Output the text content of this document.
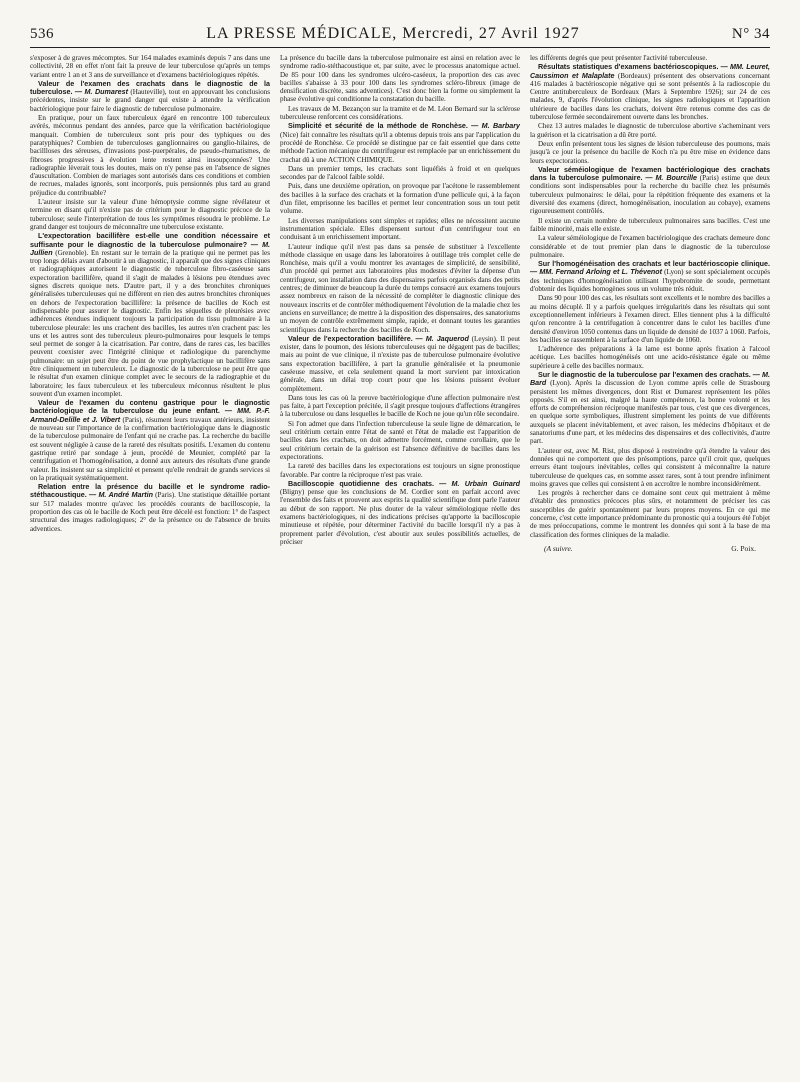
536	LA PRESSE MÉDICALE, Mercredi, 27 Avril 1927	N° 34

s'exposer à de graves mécomptes. Sur 164 malades examinés depuis 7 ans dans une collectivité, 28 en effet n'ont fait la preuve de leur tuberculose qu'après un temps variant entre 1 an et 3 ans de surveillance et d'examens bactériologiques répétés.

Valeur de l'examen des crachats dans le diagnostic de la tuberculose. — M. Dumarest (Hauteville), tout en approuvant les conclusions précédentes, insiste sur le grand danger qui existe à attendre la vérification bactériologique pour faire le diagnostic de tuberculose pulmonaire.

En pratique, pour un faux tuberculeux égaré en rencontre 100 tuberculeux avérés, méconnus pendant des années, parce que la vérification bactériologique manquait. Combien de tuberculeux sont pris pour des typhiques ou des paratyphiques? Combien de tuberculoses ganglionnaires ou ganglio-hilaires, de bacillloses des séreuses, d'invasions post-puerpérales, de pseudo-rhumatismes, de fibroses progressives à évolution lente restent ainsi insoupçonnées? Une radiographie lèverait tous les doutes, mais on n'y pense pas en l'absence de signes d'auscultation. Combien de mariages sont autorisés dans ces conditions et combien de recrues, malades ignorés, sont incorporés, puis pensionnés plus tard au grand préjudice du contribuable?

L'auteur insiste sur la valeur d'une hémoptysie comme signe révélateur et termine en disant qu'il n'existe pas de critérium pour le diagnostic précoce de la tuberculose; seule l'interprétation de tous les symptômes résoudra le problème. Le grand danger est toujours de méconnaître une tuberculose existante.

L'expectoration bacillifère est-elle une condition nécessaire et suffisante pour le diagnostic de la tuberculose pulmonaire? — M. Jullien (Grenoble). En restant sur le terrain de la pratique qui ne permet pas les trop longs délais avant d'aboutir à un diagnostic, il apparaît que des signes cliniques et radiographiques autorisent le diagnostic de tuberculose fibro-caséeuse sans expectoration bacillifère, quand il s'agit de malades à lésions peu étendues avec signes discrets quoique nets. D'autre part, il y a des bronchites chroniques généralisées tuberculeuses qui ne diffèrent en rien des autres bronchites chroniques en dehors de l'expectoration bacillifère: la présence de bacilles de Koch est indispensable pour assurer le diagnostic. Enfin les séquelles de pleurésies avec adhérences étendues indiquent toujours la participation du tissu pulmonaire à la tuberculose pleurale: les uns crachent des bacilles, les autres n'en crachent pas: les uns et les autres sont des tuberculeux pleuro-pulmonaires pour lesquels le temps seul permet de songer à la cicatrisation. Par contre, dans de rares cas, les bacilles peuvent coexister avec l'intégrité clinique et radiologique du parenchyme pulmonaire: un sujet peut être du point de vue prophylactique un bacillifère sans être cliniquement un tuberculeux. Le diagnostic de la tuberculose ne peut être que le résultat d'un examen clinique complet avec le secours de la radiographie et du laboratoire; les faux tuberculeux et les tuberculeux méconnus résultent le plus souvent d'un examen incomplet.

Valeur de l'examen du contenu gastrique pour le diagnostic bactériologique de la tuberculose du jeune enfant. — MM. P.-F. Armand-Delille et J. Vibert (Paris), résument leurs travaux antérieurs, insistent de nouveau sur l'importance de la confirmation bactériologique dans le diagnostic de la tuberculose pulmonaire de l'enfant qui ne crache pas. La recherche du bacille est souvent négligée à cause de la rareté des résultats positifs. L'examen du contenu gastrique retiré par sondage à jeun, procédé de Meunier, complété par la centrifugation et l'homogénéisation, a donné aux auteurs des résultats d'une grande valeur. Ils insistent sur sa simplicité et pensent qu'elle rendrait de grands services si on la pratiquait systématiquement.

Relation entre la présence du bacille et le syndrome radio-stéthacoustique. — M. André Martin (Paris). Une statistique détaillée portant sur 517 malades montre qu'avec les procédés courants de bacilloscopie, la proportion des cas où le bacille de Koch peut être décelé est fonction: 1° de l'aspect structural des images radiologiques; 2° de la présence ou de l'absence de bruits adventices.

La présence du bacille dans la tuberculose pulmonaire est ainsi en relation avec le syndrome radio-stéthacoustique et, par suite, avec le processus anatomique actuel. De 85 pour 100 dans les syndromes ulcéro-caséeux, la proportion des cas avec bacilles s'abaisse à 33 pour 100 dans les syndromes scléro-fibreux (image de densification discrète, sans adventices). C'est donc bien la forme ou simplement la phase évolutive qui conditionne la constatation du bacille.

Les travaux de M. Bezançon sur la tramite et de M. Léon Bernard sur la sclérose tuberculeuse renforcent ces considérations.

Simplicité et sécurité de la méthode de Ronchèse. — M. Barbary (Nice) fait connaître les résultats qu'il a obtenus depuis trois ans par l'application du procédé de Ronchèse. Ce procédé se distingue par ce fait essentiel que dans cette méthode l'action mécanique du centrifugeur est remplacée par un enrichissement du crachat dû à une ACTION CHIMIQUE.

Dans un premier temps, les crachats sont liquéfiés à froid et en quelques secondes par de l'alcool faible soldé.

Puis, dans une deuxième opération, on provoque par l'acétone le rassemblement des bacilles à la surface des crachats et la formation d'une pellicule qui, à la façon d'un filet, emprisonne les bacilles et permet leur concentration sous un tout petit volume.

Les diverses manipulations sont simples et rapides; elles ne nécessitent aucune instrumentation spéciale. Elles dispensent surtout d'un centrifugeur tout en conduisant à un enrichissement important.

L'auteur indique qu'il n'est pas dans sa pensée de substituer à l'excellente méthode classique en usage dans les laboratoires à outillage très complet celle de Ronchèse, mais qu'il a voulu montrer les avantages de simplicité, de sensibilité, d'un procédé qui permet aux laboratoires plus modestes d'éviter la dépense d'un centrifugeur, son installation dans des dispensaires parfois organisés dans des petits centres; de diminuer de beaucoup la durée du temps consacré aux examens toujours assez nombreux en raison de la nécessité de compléter le diagnostic clinique des nouveaux inscrits et de contrôler méthodiquement l'évolution de la maladie chez les anciens en surveillance; de mettre à la disposition des dispensaires, des sanatoriums un moyen de contrôle extrêmement simple, rapide, et donnant toutes les garanties scientifiques dans la recherche des bacilles de Koch.

Valeur de l'expectoration bacillifère. — M. Jaquerod (Leysin). Il peut exister, dans le poumon, des lésions tuberculeuses qui ne dégagent pas de bacilles; mais au point de vue clinique, il n'existe pas de tuberculose pulmonaire évolutive sans expectoration bacillifère, à part la granulie généralisée et la pneumonie caséeuse massive, et cela seulement quand la mort survient par intoxication générale, dans un délai trop court pour que les lésions puissent évoluer complètement.

Dans tous les cas où la preuve bactériologique d'une affection pulmonaire n'est pas faite, à part l'exception précitée, il s'agit presque toujours d'affections étrangères à la tuberculose ou dans lesquelles le bacille de Koch ne joue qu'un rôle secondaire.

Si l'on admet que dans l'infection tuberculeuse la seule ligne de démarcation, le seul critérium certain entre l'état de santé et l'état de maladie est l'apparition de bacilles dans les crachats, on doit admettre forcément, comme corollaire, que le seul critérium certain de la guérison est l'absence définitive de bacilles dans les expectorations.

La rareté des bacilles dans les expectorations est toujours un signe pronostique favorable. Par contre la réciproque n'est pas vraie.

Bacilloscopie quotidienne des crachats. — M. Urbain Guinard (Bligny) pense que les conclusions de M. Cordier sont en parfait accord avec l'ensemble des faits et prouvent aux esprits la qualité scientifique dont parle l'auteur au début de son rapport. Ne plus douter de la valeur séméiologique réelle des examens bactériologiques, ni des indications précises qu'apporte la bacilloscopie minutieuse et répétée, pour déterminer l'activité du bacille lorsqu'il n'y a pas à proprement parler d'évolution, c'est aboutir aux seules possibilités actuelles, de préciser

les différents degrés que peut présenter l'activité tuberculeuse.

Résultats statistiques d'examens bactérioscopiques. — MM. Leuret, Caussimon et Malaplate (Bordeaux) présentent des observations concernant 416 malades à bactérioscopie négative qui se sont présentés à la radioscopie du Centre antituberculeux de Bordeaux (Mars à Septembre 1926); sur 24 de ces malades, 9, d'après l'évolution clinique, les signes radiologiques et l'apparition ultérieure de bacilles dans les crachats, doivent être retenus comme des cas de tuberculose fermée secondairement ouverte dans les bronches.

Chez 13 autres malades le diagnostic de tuberculose abortive s'acheminant vers la guérison et la cicatrisation a dû être porté.

Deux enfin présentent tous les signes de lésion tuberculeuse des poumons, mais jusqu'à ce jour la présence du bacille de Koch n'a pu être mise en évidence dans leurs expectorations.

Valeur séméiologique de l'examen bactériologique des crachats dans la tuberculose pulmonaire. — M. Bourcille (Paris) estime que deux conditions sont indispensables pour la recherche du bacille chez les présumés tuberculeux pulmonaires: le délai, pour la répétition fréquente des examens et la diversité des examens (direct, homogénéisation, inoculation au cobaye), examens rigoureusement contrôlés.

Il existe un certain nombre de tuberculeux pulmonaires sans bacilles. C'est une faible minorité, mais elle existe.

La valeur séméiologique de l'examen bactériologique des crachats demeure donc considérable et de tout premier plan dans le diagnostic de la tuberculose pulmonaire.

Sur l'homogénéisation des crachats et leur bactérioscopie clinique. — MM. Fernand Arloing et L. Thévenot (Lyon) se sont spécialement occupés des techniques d'homogénéisation utilisant l'hypobromite de soude, permettant d'obtenir des liquides homogènes sous un volume très réduit.

Dans 90 pour 100 des cas, les résultats sont excellents et le nombre des bacilles a au moins décuplé. Il y a parfois quelques irrégularités dans les résultats qui sont exceptionnellement inférieurs à l'examen direct. Elles tiennent plus à la difficulté qu'on rencontre à la centrifugation à concentrer dans le culot les bacilles d'une densité d'environ 1050 contenus dans un liquide de densité de 1037 à 1060. Parfois, les bacilles se rassemblent à la surface d'un liquide de 1060.

L'adhérence des préparations à la lame est bonne après fixation à l'alcool acétique. Les bacilles homogénéisés ont une acido-résistance égale ou même supérieure à celle des bacilles normaux.

Sur le diagnostic de la tuberculose par l'examen des crachats. — M. Bard (Lyon). Après la discussion de Lyon comme après celle de Strasbourg persistent les mêmes divergences, dont Rist et Dumarest représentent les pôles opposés. S'il en est ainsi, malgré la haute compétence, la bonne volonté et les efforts de compréhension réciproque manifestés par tous, c'est que ces divergences, en quelque sorte symboliques, illustrent simplement les points de vue différents auxquels se placent inévitablement, et avec raison, les médecins d'hôpitaux et de sanatoriums d'une part, et les médecins des dispensaires et des collectivités, d'autre part.

L'auteur est, avec M. Rist, plus disposé à restreindre qu'à étendre la valeur des données qui ne comportent que des présomptions, parce qu'il croit que, quelques erreurs étant toujours inévitables, celles qui consistent à méconnaître la nature tuberculeuse de quelques cas, en somme assez rares, sont à tout prendre infiniment moins graves que celles qui consistent à en accroître le nombre inconsidérément.

Les progrès à rechercher dans ce domaine sont ceux qui mettraient à même d'établir des pronostics précoces plus sûrs, et notamment de préciser les cas susceptibles de guérir spontanément par leurs propres moyens. En ce qui me concerne, c'est cette importance prédominante du pronostic qui a toujours été l'objet de mes préoccupations, comme le montrent les données qui sont à la base de ma classification des formes cliniques de la maladie.

(A suivre.	G. Poix.
